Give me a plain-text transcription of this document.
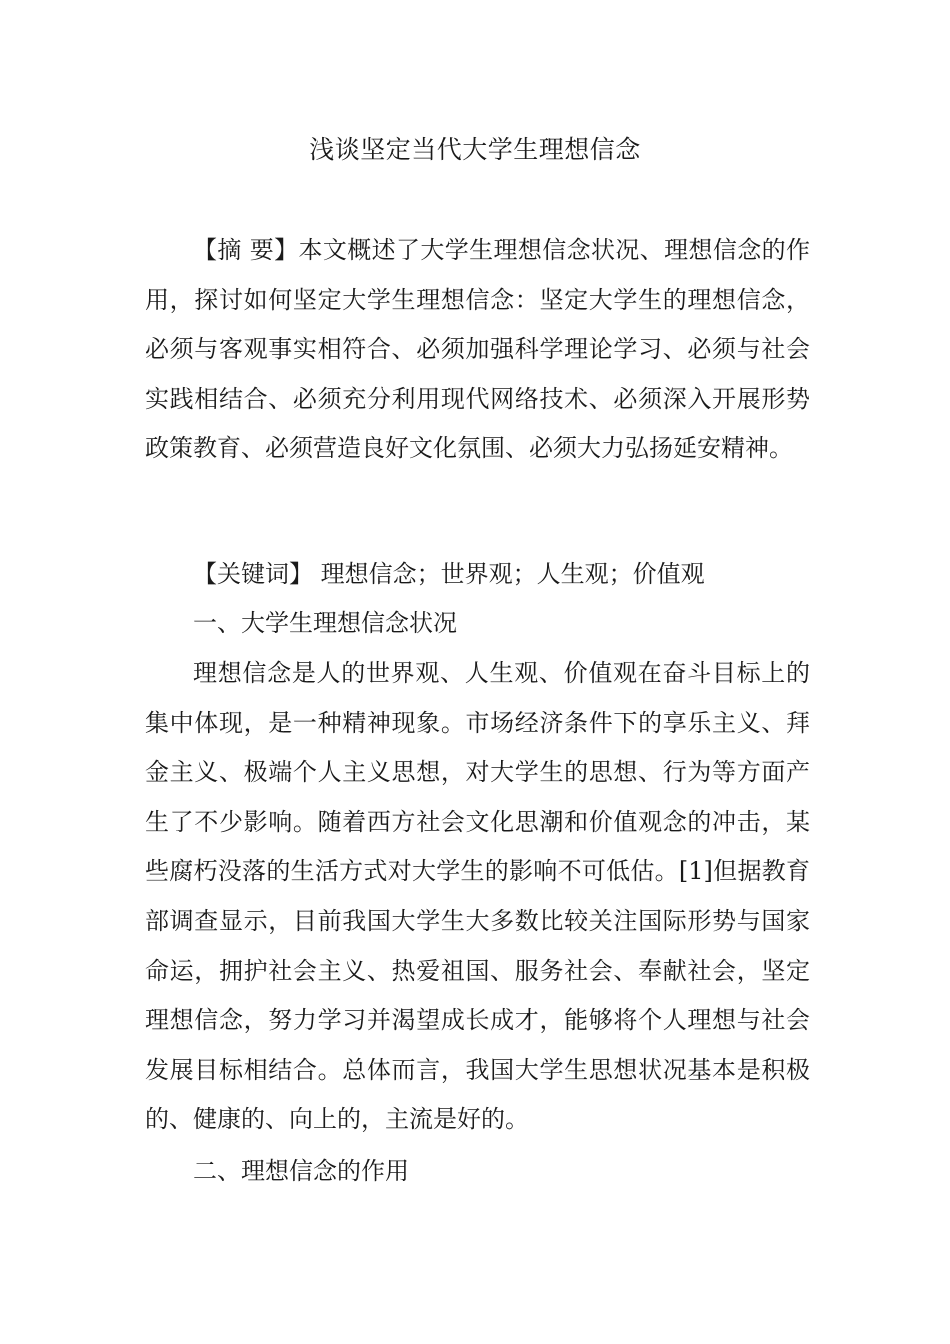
浅谈坚定当代大学生理想信念
【摘 要】本文概述了大学生理想信念状况、理想信念的作用，探讨如何坚定大学生理想信念：坚定大学生的理想信念，必须与客观事实相符合、必须加强科学理论学习、必须与社会实践相结合、必须充分利用现代网络技术、必须深入开展形势政策教育、必须营造良好文化氛围、必须大力弘扬延安精神。
【关键词】 理想信念；世界观；人生观；价值观
一、大学生理想信念状况
理想信念是人的世界观、人生观、价值观在奋斗目标上的集中体现，是一种精神现象。市场经济条件下的享乐主义、拜金主义、极端个人主义思想，对大学生的思想、行为等方面产生了不少影响。随着西方社会文化思潮和价值观念的冲击，某些腐朽没落的生活方式对大学生的影响不可低估。[1]但据教育部调查显示，目前我国大学生大多数比较关注国际形势与国家命运，拥护社会主义、热爱祖国、服务社会、奉献社会，坚定理想信念，努力学习并渴望成长成才，能够将个人理想与社会发展目标相结合。总体而言，我国大学生思想状况基本是积极的、健康的、向上的，主流是好的。
二、理想信念的作用
